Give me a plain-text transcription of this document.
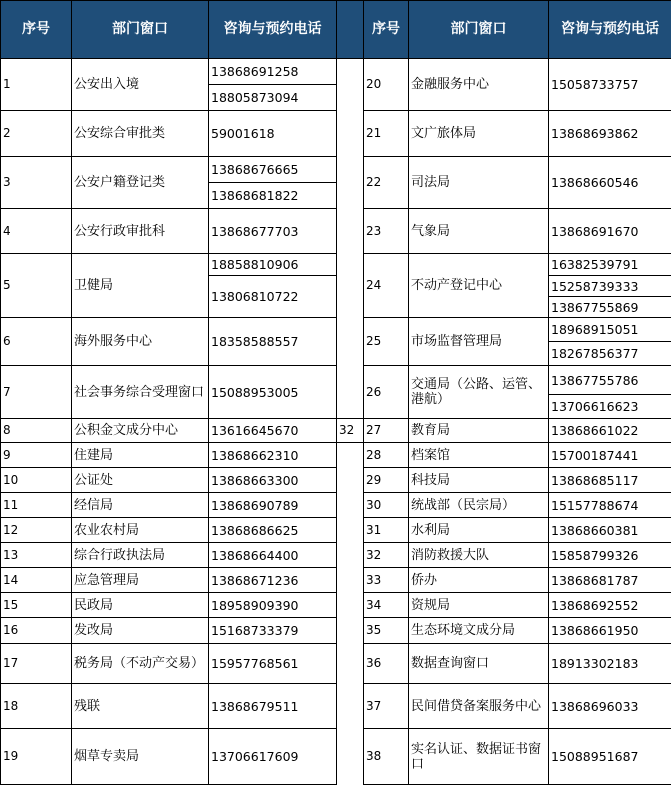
序号	部门窗口	咨询与预约电话		序号	部门窗口	咨询与预约电话
1	公安出入境	13868691258		20	金融服务中心	15058733757
		18805873094				
2	公安综合审批类	59001618		21	文广旅体局	13868693862
3	公安户籍登记类	13868676665		22	司法局	13868660546
		13868681822				
4	公安行政审批科	13868677703		23	气象局	13868691670
5	卫健局	18858810906		24	不动产登记中心	16382539791
		13806810722				15258739333
						13867755869
6	海外服务中心	18358588557		25	市场监督管理局	18968915051
						18267856377
7	社会事务综合受理窗口	15088953005		26	交通局（公路、运管、港航）	13867755786
						13706616623
8	公积金文成分中心	13616645670	32	27	教育局	13868661022
9	住建局	13868662310		28	档案馆	15700187441
10	公证处	13868663300		29	科技局	13868685117
11	经信局	13868690789		30	统战部（民宗局）	15157788674
12	农业农村局	13868686625		31	水利局	13868660381
13	综合行政执法局	13868664400		32	消防救援大队	15858799326
14	应急管理局	13868671236		33	侨办	13868681787
15	民政局	18958909390		34	资规局	13868692552
16	发改局	15168733379		35	生态环境文成分局	13868661950
17	税务局（不动产交易）	15957768561		36	数据查询窗口	18913302183
18	残联	13868679511		37	民间借贷备案服务中心	13868696033
19	烟草专卖局	13706617609		38	实名认证、数据证书窗口	15088951687
